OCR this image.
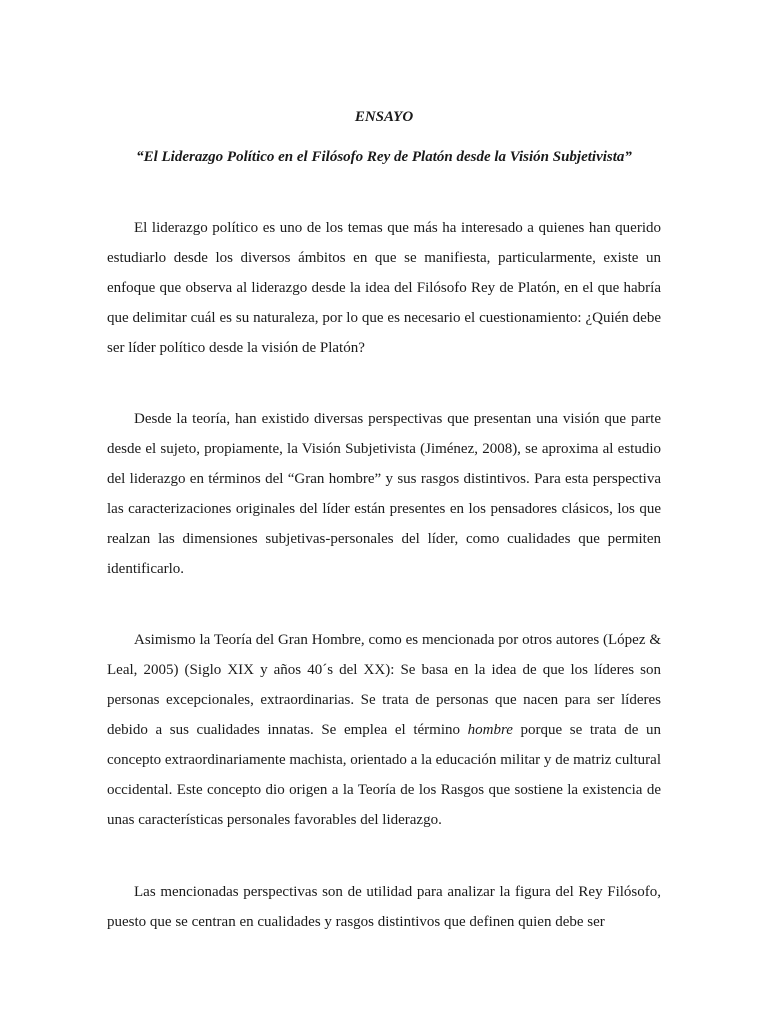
ENSAYO

“El Liderazgo Político en el Filósofo Rey de Platón desde la Visión Subjetivista”

El liderazgo político es uno de los temas que más ha interesado a quienes han querido estudiarlo desde los diversos ámbitos en que se manifiesta, particularmente, existe un enfoque que observa al liderazgo desde la idea del Filósofo Rey de Platón, en el que habría que delimitar cuál es su naturaleza, por lo que es necesario el cuestionamiento: ¿Quién debe ser líder político desde la visión de Platón?

Desde la teoría, han existido diversas perspectivas que presentan una visión que parte desde el sujeto, propiamente, la Visión Subjetivista (Jiménez, 2008), se aproxima al estudio del liderazgo en términos del “Gran hombre” y sus rasgos distintivos. Para esta perspectiva las caracterizaciones originales del líder están presentes en los pensadores clásicos, los que realzan las dimensiones subjetivas-personales del líder, como cualidades que permiten identificarlo.

Asimismo la Teoría del Gran Hombre, como es mencionada por otros autores (López & Leal, 2005) (Siglo XIX y años 40´s del XX): Se basa en la idea de que los líderes son personas excepcionales, extraordinarias. Se trata de personas que nacen para ser líderes debido a sus cualidades innatas. Se emplea el término hombre porque se trata de un concepto extraordinariamente machista, orientado a la educación militar y de matriz cultural occidental. Este concepto dio origen a la Teoría de los Rasgos que sostiene la existencia de unas características personales favorables del liderazgo.

Las mencionadas perspectivas son de utilidad para analizar la figura del Rey Filósofo, puesto que se centran en cualidades y rasgos distintivos que definen quien debe ser
